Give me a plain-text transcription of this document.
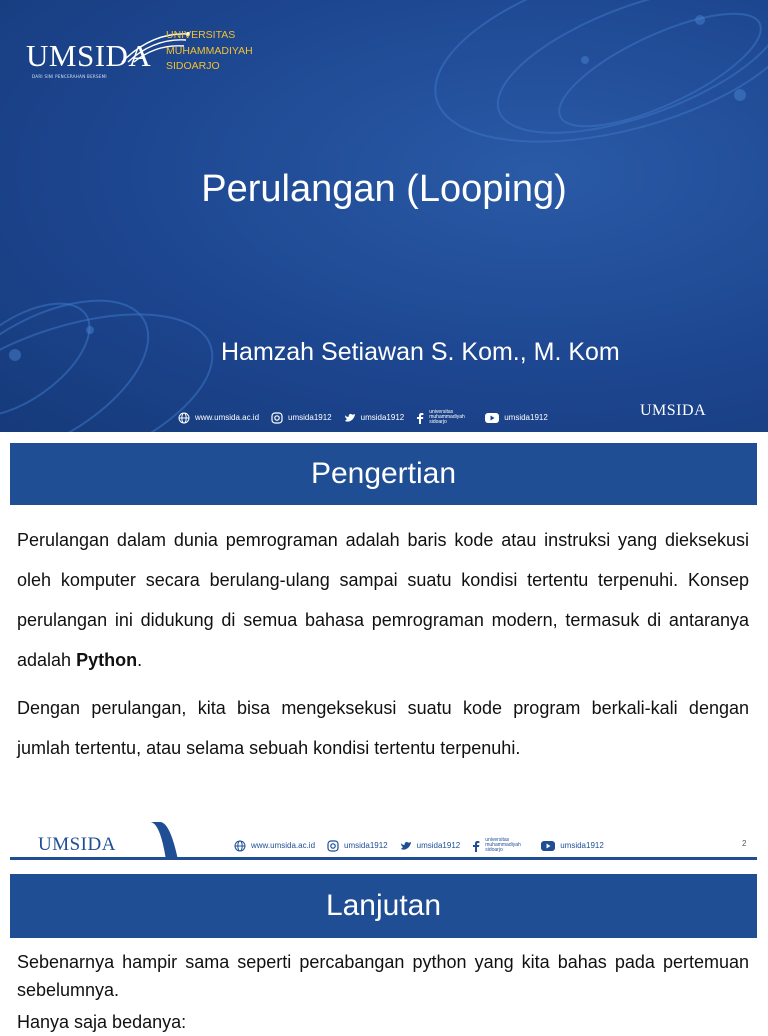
UMSIDA
DARI SINI PENCERAHAN BERSEMI
UNIVERSITAS
MUHAMMADIYAH
SIDOARJO
Perulangan (Looping)
Hamzah Setiawan S. Kom., M. Kom
www.umsida.ac.id	umsida1912	umsida1912
universitas
muhammadiyah
sidoarjo	umsida1912	UMSIDA
Pengertian
Perulangan dalam dunia pemrograman adalah baris kode atau instruksi yang dieksekusi oleh komputer secara berulang-ulang sampai suatu kondisi tertentu terpenuhi. Konsep perulangan ini didukung di semua bahasa pemrograman modern, termasuk di antaranya adalah Python.
Dengan perulangan, kita bisa mengeksekusi suatu kode program berkali-kali dengan jumlah tertentu, atau selama sebuah kondisi tertentu terpenuhi.
UMSIDA	www.umsida.ac.id	umsida1912	umsida1912
universitas
muhammadiyah
sidoarjo	umsida1912	2
Lanjutan
Sebenarnya hampir sama seperti percabangan python yang kita bahas pada pertemuan sebelumnya.
Hanya saja bedanya:
